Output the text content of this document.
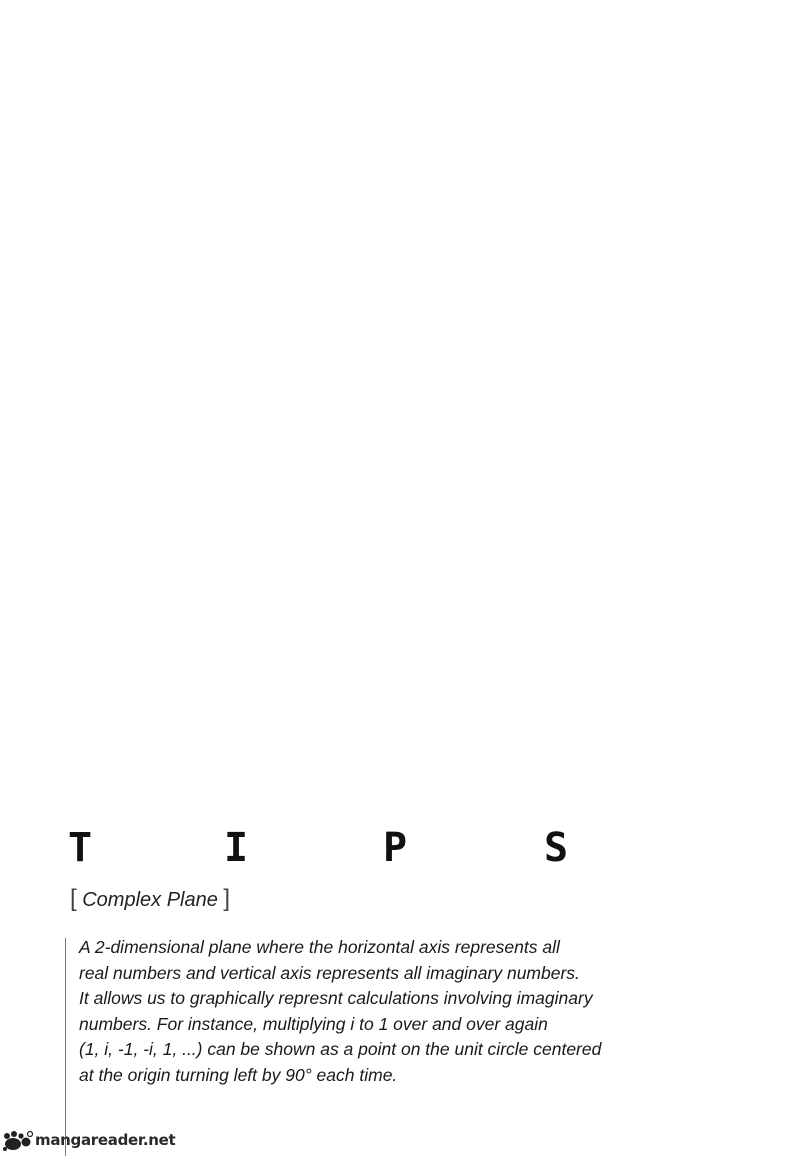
T	I	P	S
[ Complex Plane ]
A 2-dimensional plane where the horizontal axis represents all
real numbers and vertical axis represents all imaginary numbers.
It allows us to graphically represnt calculations involving imaginary
numbers. For instance, multiplying i to 1 over and over again
(1, i, -1, -i, 1, ...) can be shown as a point on the unit circle centered
at the origin turning left by 90° each time.
mangareader.net
